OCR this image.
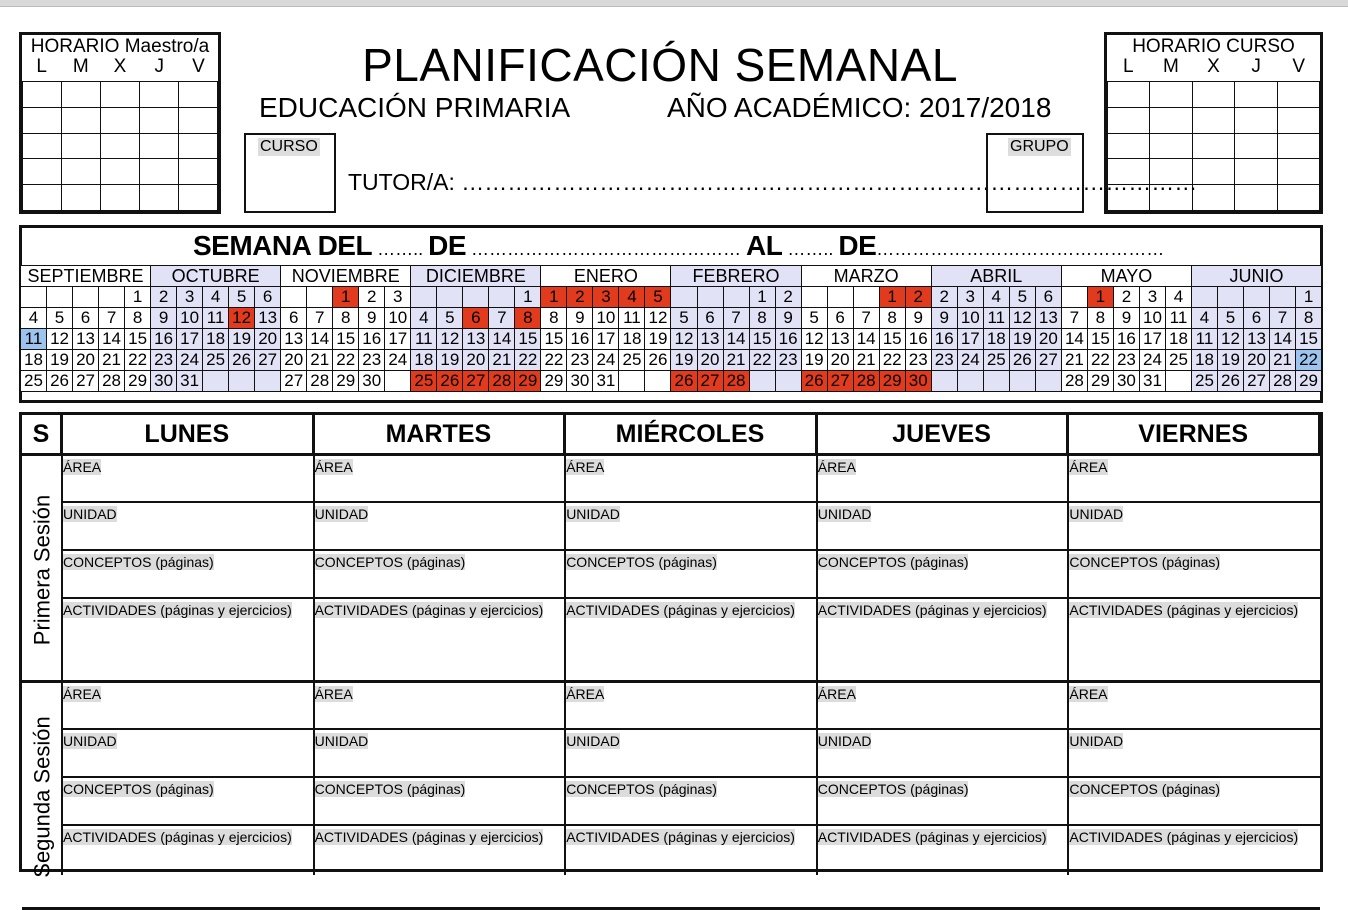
HORARIO Maestro/a
L	M	X	J	V

HORARIO CURSO
L	M	X	J	V

PLANIFICACIÓN SEMANAL
EDUCACIÓN PRIMARIA	AÑO ACADÉMICO: 2017/2018
CURSO
TUTOR/A: ……………………………………………………………………………………
GRUPO
SEMANA DEL …….. DE ……………………………………… AL …….. DE…………………………………………
SEPTIEMBRE					OCTUBRE					NOVIEMBRE					DICIEMBRE					ENERO					FEBRERO					MARZO					ABRIL					MAYO					JUNIO				
				1	2	3	4	5	6			1	2	3					1	1	2	3	4	5				1	2				1	2	2	3	4	5	6		1	2	3	4					1
4	5	6	7	8	9	10	11	12	13	6	7	8	9	10	4	5	6	7	8	8	9	10	11	12	5	6	7	8	9	5	6	7	8	9	9	10	11	12	13	7	8	9	10	11	4	5	6	7	8
11	12	13	14	15	16	17	18	19	20	13	14	15	16	17	11	12	13	14	15	15	16	17	18	19	12	13	14	15	16	12	13	14	15	16	16	17	18	19	20	14	15	16	17	18	11	12	13	14	15
18	19	20	21	22	23	24	25	26	27	20	21	22	23	24	18	19	20	21	22	22	23	24	25	26	19	20	21	22	23	19	20	21	22	23	23	24	25	26	27	21	22	23	24	25	18	19	20	21	22
25	26	27	28	29	30	31				27	28	29	30		25	26	27	28	29	29	30	31			26	27	28			26	27	28	29	30						28	29	30	31		25	26	27	28	29
S	LUNES	MARTES	MIÉRCOLES	JUEVES	VIERNES
ÁREA	ÁREA	ÁREA	ÁREA	ÁREA
UNIDAD	UNIDAD	UNIDAD	UNIDAD	UNIDAD
CONCEPTOS (páginas)	CONCEPTOS (páginas)	CONCEPTOS (páginas)	CONCEPTOS (páginas)	CONCEPTOS (páginas)
ACTIVIDADES (páginas y ejercicios) ACTIVIDADES (páginas y ejercicios) ACTIVIDADES (páginas y ejercicios) ACTIVIDADES (páginas y ejercicios) ACTIVIDADES (páginas y ejercicios)
Primera Sesión
ÁREA	ÁREA	ÁREA	ÁREA	ÁREA
UNIDAD	UNIDAD	UNIDAD	UNIDAD	UNIDAD
CONCEPTOS (páginas)	CONCEPTOS (páginas)	CONCEPTOS (páginas)	CONCEPTOS (páginas)	CONCEPTOS (páginas)
ACTIVIDADES (páginas y ejercicios) ACTIVIDADES (páginas y ejercicios) ACTIVIDADES (páginas y ejercicios) ACTIVIDADES (páginas y ejercicios) ACTIVIDADES (páginas y ejercicios)
Segunda Sesión
